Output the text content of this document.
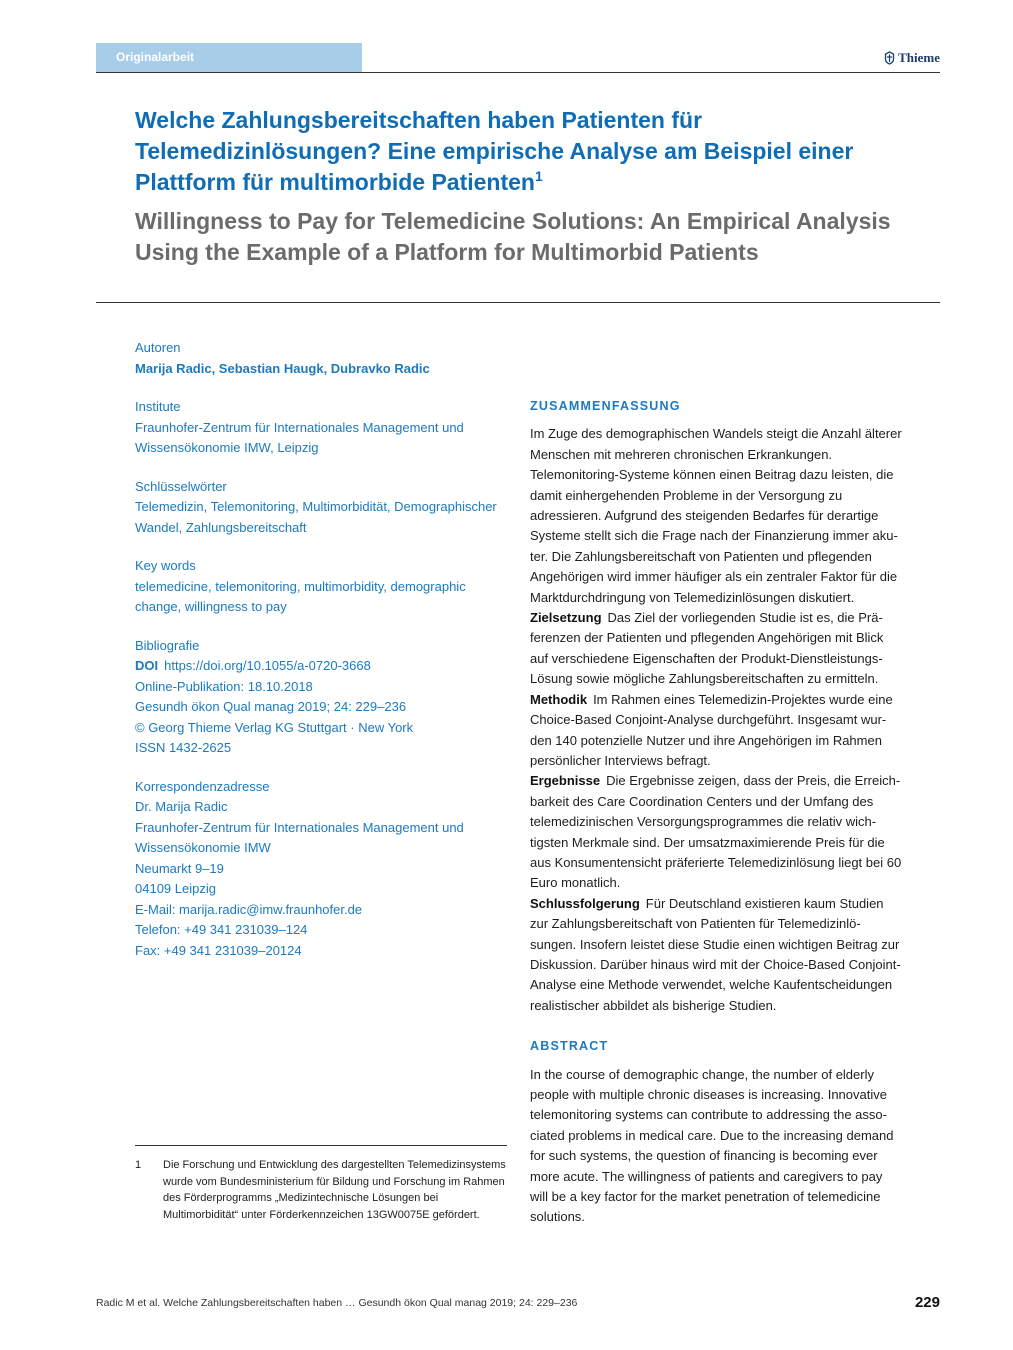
Originalarbeit	Thieme
Welche Zahlungsbereitschaften haben Patienten für Telemedizinlösungen? Eine empirische Analyse am Beispiel einer Plattform für multimorbide Patienten$^1$
Willingness to Pay for Telemedicine Solutions: An Empirical Analysis Using the Example of a Platform for Multimorbid Patients
Autoren
Marija Radic, Sebastian Haugk, Dubravko Radic
Institute
Fraunhofer-Zentrum für Internationales Management und Wissensökonomie IMW, Leipzig
Schlüsselwörter
Telemedizin, Telemonitoring, Multimorbidität, Demographischer Wandel, Zahlungsbereitschaft
Key words
telemedicine, telemonitoring, multimorbidity, demographic change, willingness to pay
Bibliografie
DOI https://doi.org/10.1055/a-0720-3668
Online-Publikation: 18.10.2018
Gesundh ökon Qual manag 2019; 24: 229–236
© Georg Thieme Verlag KG Stuttgart · New York
ISSN 1432-2625
Korrespondenzadresse
Dr. Marija Radic
Fraunhofer-Zentrum für Internationales Management und Wissensökonomie IMW
Neumarkt 9–19
04109 Leipzig
E-Mail: marija.radic@imw.fraunhofer.de
Telefon: +49 341 231039–124
Fax: +49 341 231039–20124
1	Die Forschung und Entwicklung des dargestellten Telemedizinsystems wurde vom Bundesministerium für Bildung und Forschung im Rahmen des Förderprogramms „Medizintechnische Lösungen bei Multimorbidität“ unter Förderkennzeichen 13GW0075E gefördert.
ZUSAMMENFASSUNG

Im Zuge des demographischen Wandels steigt die Anzahl älterer Menschen mit mehreren chronischen Erkrankungen. Telemonitoring-Systeme können einen Beitrag dazu leisten, die damit einhergehenden Probleme in der Versorgung zu adressieren. Aufgrund des steigenden Bedarfes für derartige Systeme stellt sich die Frage nach der Finanzierung immer akuter. Die Zahlungsbereitschaft von Patienten und pflegenden Angehörigen wird immer häufiger als ein zentraler Faktor für die Marktdurchdringung von Telemedizinlösungen diskutiert.

Zielsetzung Das Ziel der vorliegenden Studie ist es, die Präferenzen der Patienten und pflegenden Angehörigen mit Blick auf verschiedene Eigenschaften der Produkt-Dienstleistungs-Lösung sowie mögliche Zahlungsbereitschaften zu ermitteln.

Methodik Im Rahmen eines Telemedizin-Projektes wurde eine Choice-Based Conjoint-Analyse durchgeführt. Insgesamt wurden 140 potenzielle Nutzer und ihre Angehörigen im Rahmen persönlicher Interviews befragt.

Ergebnisse Die Ergebnisse zeigen, dass der Preis, die Erreichbarkeit des Care Coordination Centers und der Umfang des telemedizinischen Versorgungsprogrammes die relativ wichtigsten Merkmale sind. Der umsatzmaximierende Preis für die aus Konsumentensicht präferierte Telemedizinlösung liegt bei 60 Euro monatlich.

Schlussfolgerung Für Deutschland existieren kaum Studien zur Zahlungsbereitschaft von Patienten für Telemedizinlösungen. Insofern leistet diese Studie einen wichtigen Beitrag zur Diskussion. Darüber hinaus wird mit der Choice-Based Conjoint-Analyse eine Methode verwendet, welche Kaufentscheidungen realistischer abbildet als bisherige Studien.

ABSTRACT

In the course of demographic change, the number of elderly people with multiple chronic diseases is increasing. Innovative telemonitoring systems can contribute to addressing the associated problems in medical care. Due to the increasing demand for such systems, the question of financing is becoming ever more acute. The willingness of patients and caregivers to pay will be a key factor for the market penetration of telemedicine solutions.

Radic M et al. Welche Zahlungsbereitschaften haben … Gesundh ökon Qual manag 2019; 24: 229–236	229
